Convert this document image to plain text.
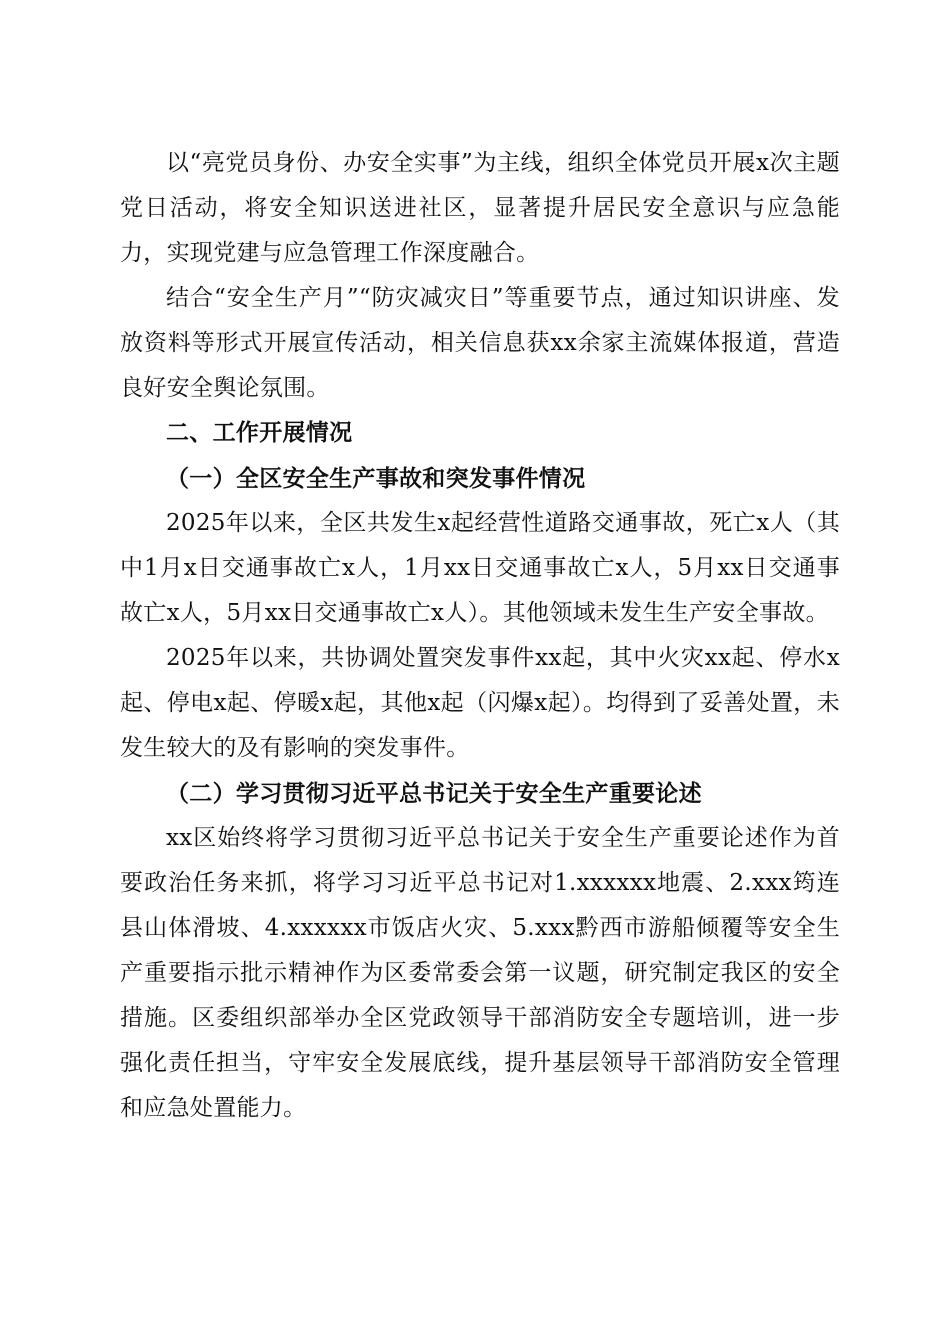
以“亮党员身份、办安全实事”为主线，组织全体党员开展x次主题党日活动，将安全知识送进社区，显著提升居民安全意识与应急能力，实现党建与应急管理工作深度融合。

结合“安全生产月”“防灾减灾日”等重要节点，通过知识讲座、发放资料等形式开展宣传活动，相关信息获xx余家主流媒体报道，营造良好安全舆论氛围。

二、工作开展情况

（一）全区安全生产事故和突发事件情况

2025年以来，全区共发生x起经营性道路交通事故，死亡x人（其中1月x日交通事故亡x人，1月xx日交通事故亡x人，5月xx日交通事故亡x人，5月xx日交通事故亡x人）。其他领域未发生生产安全事故。

2025年以来，共协调处置突发事件xx起，其中火灾xx起、停水x起、停电x起、停暖x起，其他x起（闪爆x起）。均得到了妥善处置，未发生较大的及有影响的突发事件。

（二）学习贯彻习近平总书记关于安全生产重要论述

xx区始终将学习贯彻习近平总书记关于安全生产重要论述作为首要政治任务来抓，将学习习近平总书记对1.xxxxxx地震、2.xxx筠连县山体滑坡、4.xxxxxx市饭店火灾、5.xxx黔西市游船倾覆等安全生产重要指示批示精神作为区委常委会第一议题，研究制定我区的安全措施。区委组织部举办全区党政领导干部消防安全专题培训，进一步强化责任担当，守牢安全发展底线，提升基层领导干部消防安全管理和应急处置能力。
